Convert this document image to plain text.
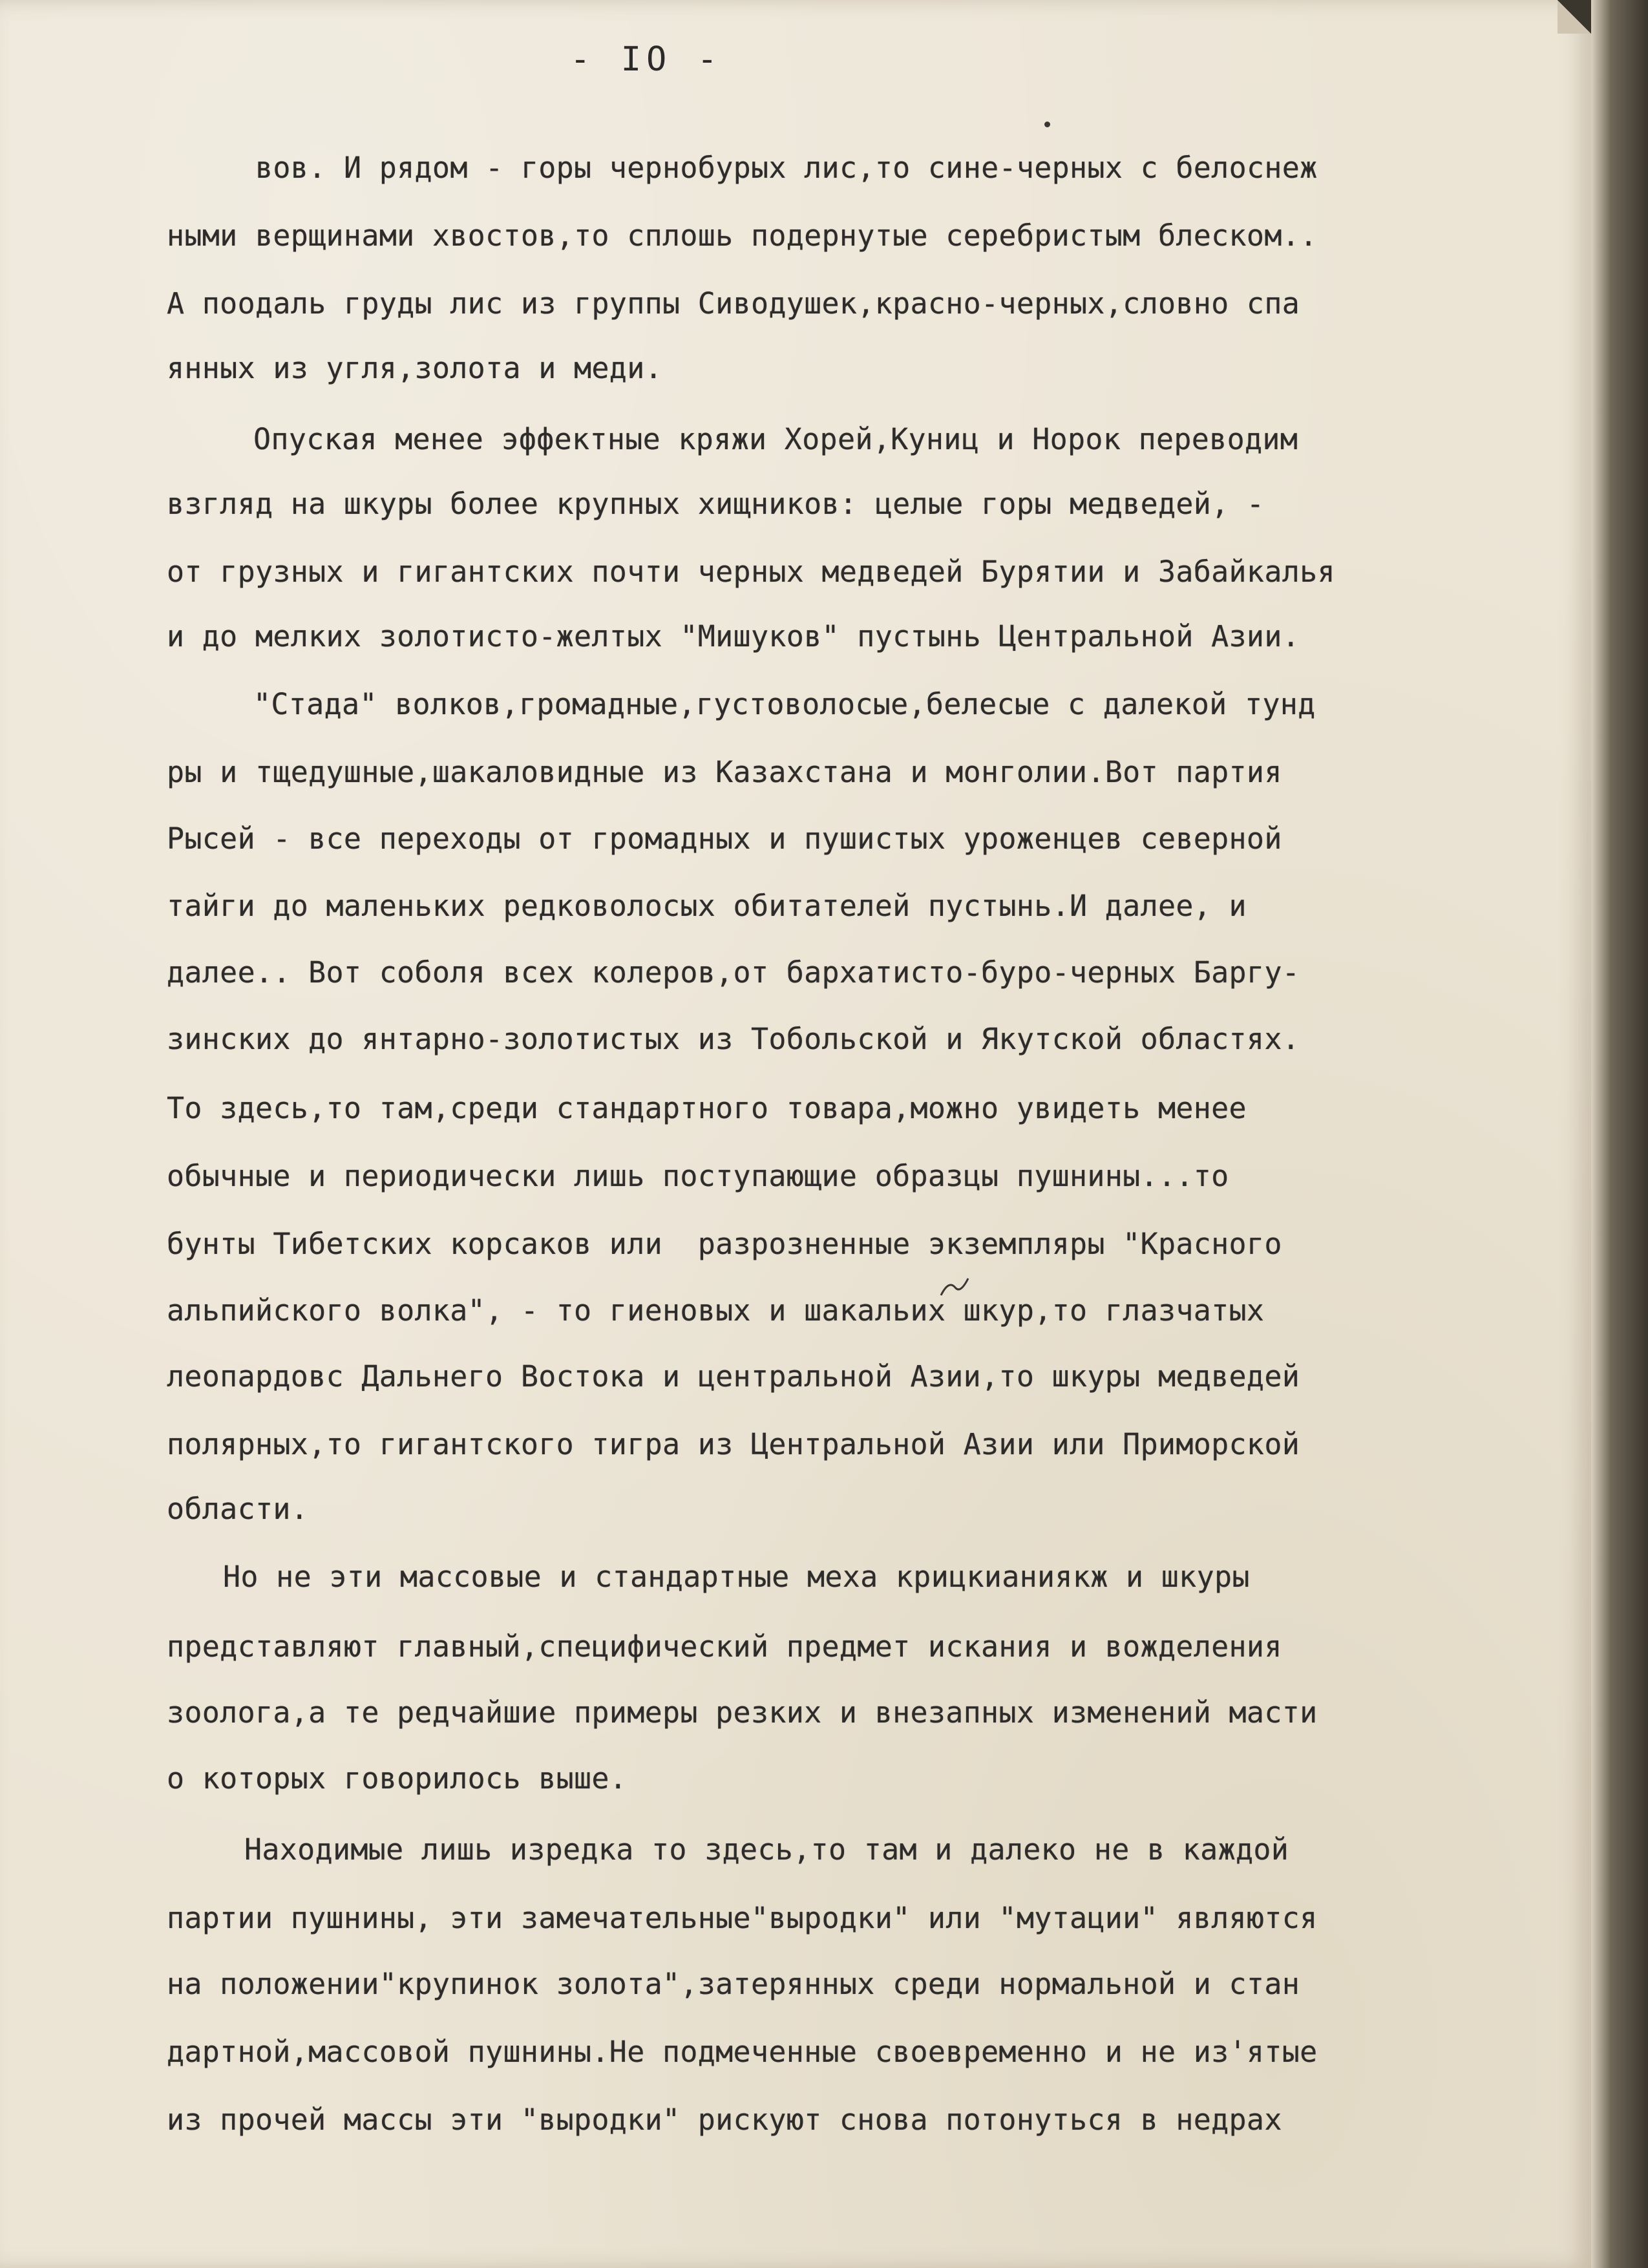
- IO -
вов. И рядом - горы чернобурых лис,то сине-черных с белоснеж
ными верщинами хвостов,то сплошь подернутые серебристым блеском..
А поодаль груды лис из группы Сиводушек,красно-черных,словно спа
янных из угля,золота и меди.
Опуская менее эффектные кряжи Хорей,Куниц и Норок переводим
взгляд на шкуры более крупных хищников: целые горы медведей, -
от грузных и гигантских почти черных медведей Бурятии и Забайкалья
и до мелких золотисто-желтых "Мишуков" пустынь Центральной Азии.
"Стада" волков,громадные,густоволосые,белесые с далекой тунд
ры и тщедушные,шакаловидные из Казахстана и монголии.Вот партия
Рысей - все переходы от громадных и пушистых уроженцев северной
тайги до маленьких редковолосых обитателей пустынь.И далее, и
далее.. Вот соболя всех колеров,от бархатисто-буро-черных Баргу-
зинских до янтарно-золотистых из Тобольской и Якутской областях.
То здесь,то там,среди стандартного товара,можно увидеть менее
обычные и периодически лишь поступающие образцы пушнины...то
бунты Тибетских корсаков или  разрозненные экземпляры "Красного
альпийского волка", - то гиеновых и шакальих шкур,то глазчатых
леопардовс Дальнего Востока и центральной Азии,то шкуры медведей
полярных,то гигантского тигра из Центральной Азии или Приморской
области.
Но не эти массовые и стандартные меха крицкианиякж и шкуры
представляют главный,специфический предмет искания и вожделения
зоолога,а те редчайшие примеры резких и внезапных изменений масти
о которых говорилось выше.
Находимые лишь изредка то здесь,то там и далеко не в каждой
партии пушнины, эти замечательные"выродки" или "мутации" являются
на положении"крупинок золота",затерянных среди нормальной и стан
дартной,массовой пушнины.Не подмеченные своевременно и не из'ятые
из прочей массы эти "выродки" рискуют снова потонуться в недрах
